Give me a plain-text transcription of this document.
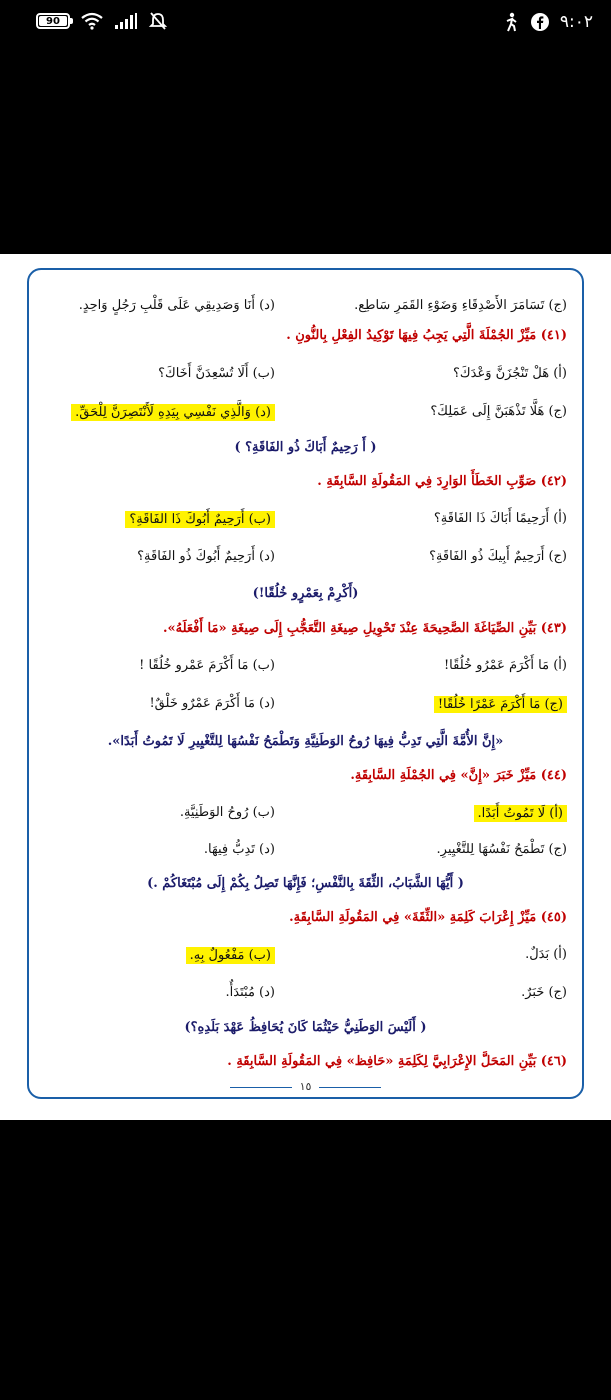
90	٩:٠٢
(ج) تَسَامَرَ الأَصْدِقَاءِ وَضَوْءِ القَمَرِ سَاطِع.
(د) أَنَا وَصَدِيقِي عَلَى قَلْبِ رَجُلٍ وَاحِدٍ.
(٤١) مَيِّزْ الجُمْلَةَ الَّتِي يَجِبُ فِيهَا تَوْكِيدُ الفِعْلِ بِالنُّونِ .
(أ) هَلْ تَنْجُزَنَّ وَعْدَكَ؟
(ب) أَلَا تُسْعِدَنَّ أَخَاكَ؟
(ج) هَلَّا تَذْهَبَنَّ إِلَى عَمَلِكَ؟
(د) وَالَّذِي نَفْسِي بِيَدِهِ لَأَنْتَصِرَنَّ لِلْحَقِّ.
( أَ رَحِيمٌ أَبَاكَ ذُو الفَاقَةِ؟ )
(٤٢) صَوِّبِ الخَطَأَ الوَارِدَ فِي المَقُولَةِ السَّابِقَةِ .
(أ) أَرَحِيمًا أَبَاكَ ذَا الفَاقَةِ؟
(ب) أَرَحِيمٌ أَبُوكَ ذَا الفَاقَةِ؟
(ج) أَرَحِيمٌ أَبِيكَ ذُو الفَاقَةِ؟
(د) أَرَحِيمٌ أَبُوكَ ذُو الفَاقَةِ؟
(أَكْرِمْ بِعَمْرٍو خُلُقًا!)
(٤٣) بَيِّنِ الصِّيَاغَةَ الصَّحِيحَةَ عِنْدَ تَحْوِيلِ صِيغَةِ التَّعَجُّبِ إِلَى صِيغَةِ «مَا أَفْعَلَهُ».
(أ) مَا أَكْرَمَ عَمْرُو خُلُقًا!
(ب) مَا أَكْرَمَ عَمْرو خُلُقًا !
(ج) مَا أَكْرَمَ عَمْرًا خُلُقًا!
(د) مَا أَكْرَمَ عَمْرٌو خَلْقٌ!
«إِنَّ الأُمَّةَ الَّتِي تَدِبُّ فِيهَا رُوحُ الوَطَنِيَّةِ وَتَطْمَحُ نَفْسُهَا لِلتَّغْيِيرِ لَا تَمُوتُ أَبَدًا».
(٤٤) مَيِّزْ خَبَرَ «إِنَّ» فِي الجُمْلَةِ السَّابِقَةِ.
(أ) لَا تَمُوتُ أَبَدًا.
(ب) رُوحُ الوَطَنِيَّةِ.
(ج) تَطْمَحُ نَفْسُهَا لِلتَّغْيِيرِ.
(د) تَدِبُّ فِيهَا.
( أَيُّهَا الشَّبَابُ، الثِّقَةَ بِالنَّفْسِ؛ فَإِنَّهَا تَصِلُ بِكُمْ إِلَى مُبْتَغَاكُمْ .)
(٤٥) مَيِّزْ إِعْرَابَ كَلِمَةِ «الثِّقَةَ» فِي المَقُولَةِ السَّابِقَةِ.
(أ) بَدَلٌ.
(ب) مَفْعُولٌ بِهِ.
(ج) خَبَرٌ.
(د) مُبْتَدَأٌ.
( أَلَيْسَ الوَطَنِيُّ حَيْثُمَا كَانَ يُحَافِظُ عَهْدَ بَلَدِهِ؟)
(٤٦) بَيِّنِ المَحَلَّ الإِعْرَابِيَّ لِكَلِمَةِ «حَافِظ» فِي المَقُولَةِ السَّابِقَةِ .
١٥
